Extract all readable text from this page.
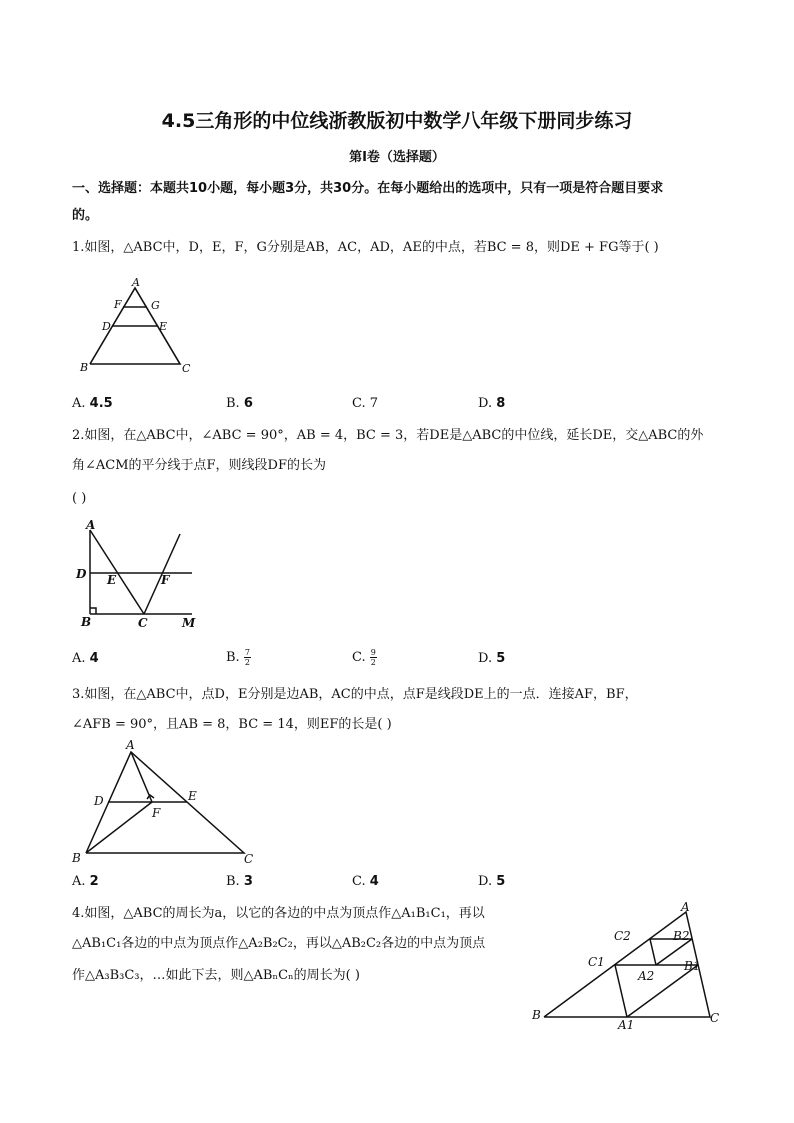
4.5三角形的中位线浙教版初中数学八年级下册同步练习
第I卷（选择题）
一、选择题：本题共10小题，每小题3分，共30分。在每小题给出的选项中，只有一项是符合题目要求
的。
1.如图，△ABC中，D，E，F，G分别是AB，AC，AD，AE的中点，若BC = 8，则DE + FG等于( )
A
F	G
D	E
B	C
A. 4.5	B. 6	C. 7	D. 8
2.如图，在△ABC中，∠ABC = 90°，AB = 4，BC = 3，若DE是△ABC的中位线，延长DE，交△ABC的外
角∠ACM的平分线于点F，则线段DF的长为
( )
A
D E	F
B	C	M
A. 4	B. $\frac{7}{2}$	C. $\frac{9}{2}$	D. 5
3.如图，在△ABC中，点D，E分别是边AB，AC的中点，点F是线段DE上的一点．连接AF，BF，
∠AFB = 90°，且AB = 8，BC = 14，则EF的长是( )
A
D	E
F
B	C
A. 2	B. 3	C. 4	D. 5
4.如图，△ABC的周长为a，以它的各边的中点为顶点作△A₁B₁C₁，再以
△AB₁C₁各边的中点为顶点作△A₂B₂C₂，再以△AB₂C₂各边的中点为顶点
作△A₃B₃C₃，…如此下去，则△ABₙCₙ的周长为( )
A
C2	B2
C1	B1
A2
B
A1	C
